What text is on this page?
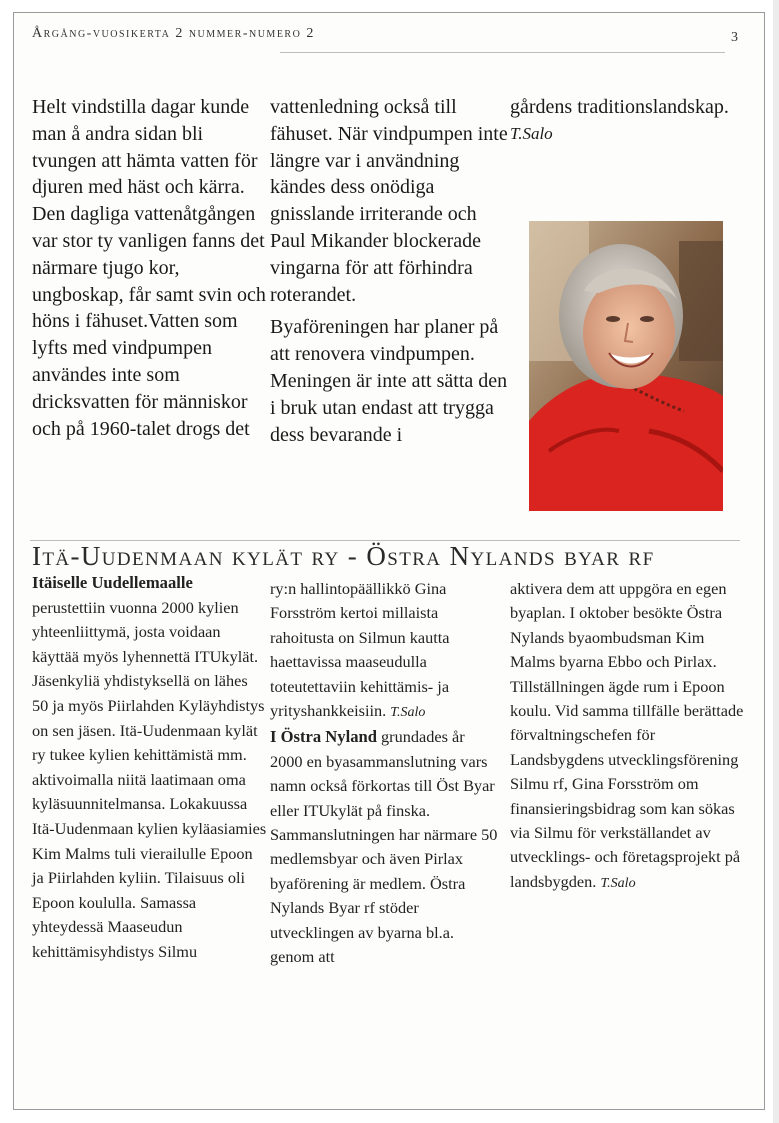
Årgång-vuosikerta 2 nummer-numero 2	3

Helt vindstilla dagar kunde man å andra sidan bli tvungen att hämta vatten för djuren med häst och kärra. Den dagliga vattenåtgången var stor ty vanligen fanns det närmare tjugo kor, ungboskap, får samt svin och höns i fähuset.Vatten som lyfts med vindpumpen användes inte som dricksvatten för människor och på 1960-talet drogs det

vattenledning också till fähuset. När vindpumpen inte längre var i användning kändes dess onödiga gnisslande irriterande och Paul Mikander blockerade vingarna för att förhindra roterandet.

Byaföreningen har planer på att renovera vindpumpen. Meningen är inte att sätta den i bruk utan endast att trygga dess bevarande i

gårdens traditionslandskap.

T.Salo

Itä-Uudenmaan kylät ry - Östra Nylands byar rf

Itäiselle Uudellemaalle perustettiin vuonna 2000 kylien yhteenliittymä, josta voidaan käyttää myös lyhennettä ITUkylät. Jäsenkyliä yhdistyksellä on lähes 50 ja myös Piirlahden Kyläyhdistys on sen jäsen. Itä-Uudenmaan kylät ry tukee kylien kehittämistä mm. aktivoimalla niitä laatimaan oma kyläsuunnitelmansa. Lokakuussa Itä-Uudenmaan kylien kyläasiamies Kim Malms tuli vierailulle Epoon ja Piirlahden kyliin. Tilaisuus oli Epoon koululla. Samassa yhteydessä Maaseudun kehittämisyhdistys Silmu

ry:n hallintopäällikkö Gina Forsström kertoi millaista rahoitusta on Silmun kautta haettavissa maaseudulla toteutettaviin kehittämis- ja yrityshankkeisiin. T.Salo

I Östra Nyland grundades år 2000 en byasammanslutning vars namn också förkortas till Öst Byar eller ITUkylät på finska. Sammanslutningen har närmare 50 medlemsbyar och även Pirlax byaförening är medlem. Östra Nylands Byar rf stöder utvecklingen av byarna bl.a. genom att

aktivera dem att uppgöra en egen byaplan. I oktober besökte Östra Nylands byaombudsman Kim Malms byarna Ebbo och Pirlax. Tillställningen ägde rum i Epoon koulu. Vid samma tillfälle berättade förvaltningschefen för Landsbygdens utvecklingsförening Silmu rf, Gina Forsström om finansieringsbidrag som kan sökas via Silmu för verkställandet av utvecklings- och företagsprojekt på landsbygden. T.Salo
